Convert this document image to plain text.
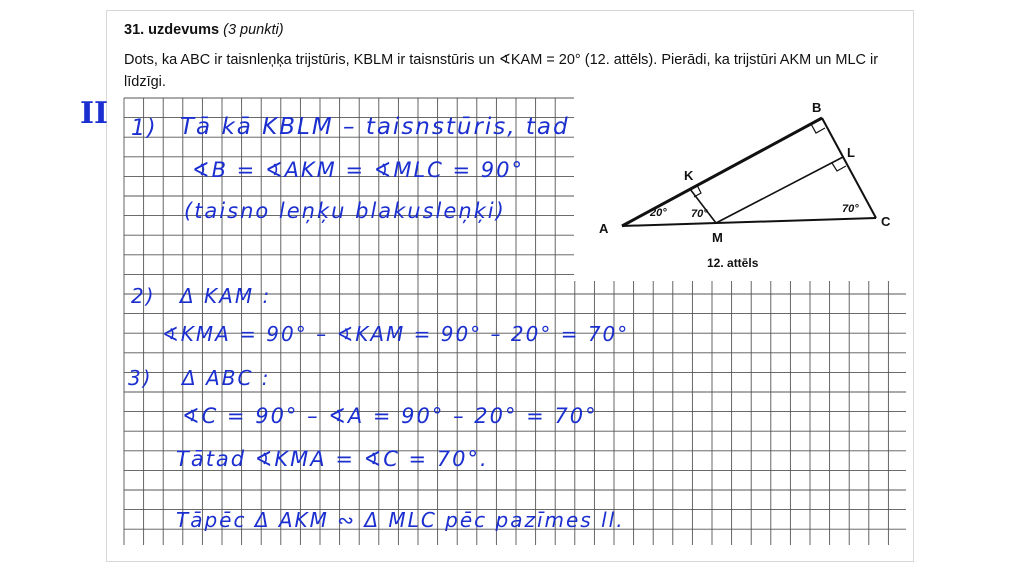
31. uzdevums (3 punkti)
Dots, ka ABC ir taisnleņķa trijstūris, KBLM ir taisnstūris un ∢KAM = 20° (12. attēls). Pierādi, ka trijstūri AKM un MLC ir
līdzīgi.
B
L
K
A
M
C
20° 70°	70°
12. attēls
II 1) Tā kā KBLM – taisnstūris, tad
∢B = ∢AKM = ∢MLC = 90°
(taisno leņķu blakusleņķi)
2) Δ KAM :
∢KMA = 90° – ∢KAM = 90° – 20° = 70°
3) Δ ABC :
∢C = 90° – ∢A = 90° – 20° = 70°
Tātad ∢KMA = ∢C = 70°.
Tāpēc Δ AKM ∾ Δ MLC pēc pazīmes ll.
